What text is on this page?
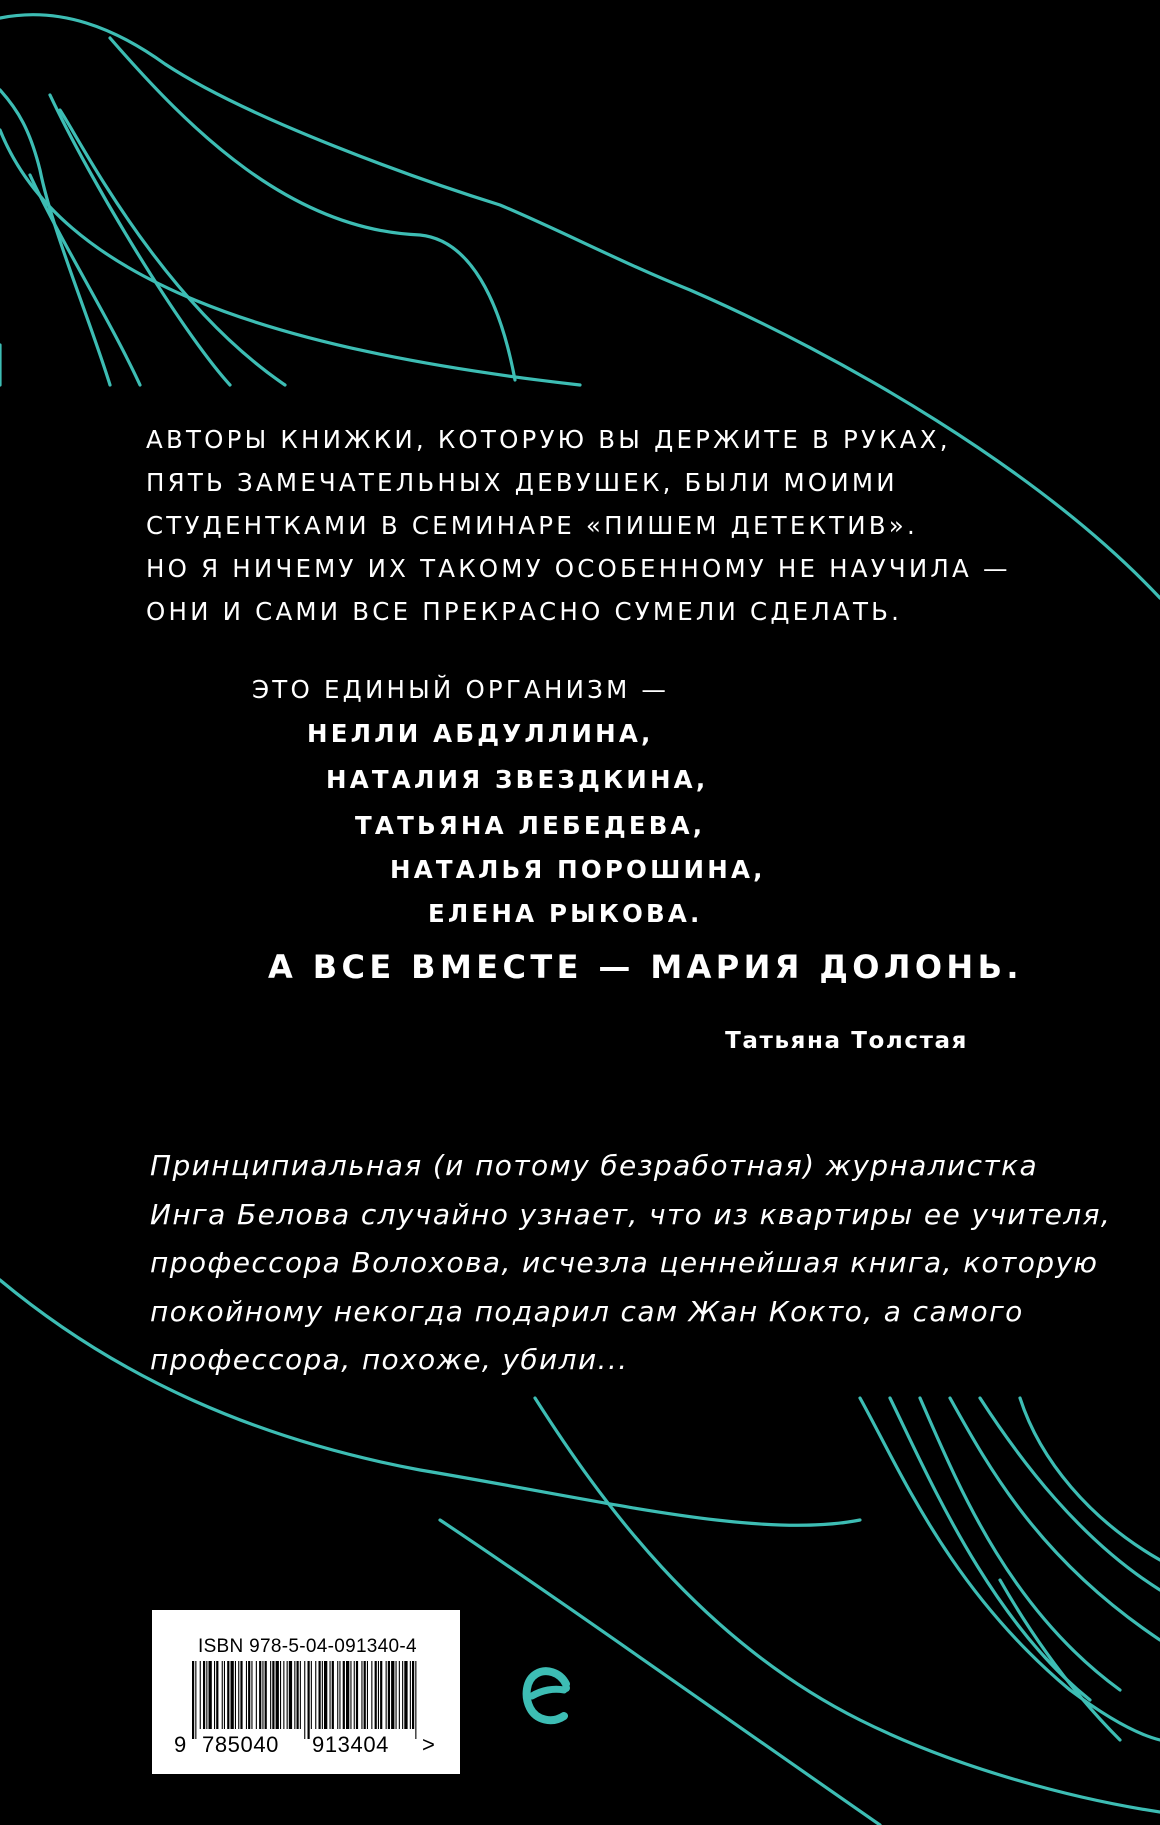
АВТОРЫ КНИЖКИ, КОТОРУЮ ВЫ ДЕРЖИТЕ В РУКАХ,
ПЯТЬ ЗАМЕЧАТЕЛЬНЫХ ДЕВУШЕК, БЫЛИ МОИМИ
СТУДЕНТКАМИ В СЕМИНАРЕ «ПИШЕМ ДЕТЕКТИВ».
НО Я НИЧЕМУ ИХ ТАКОМУ ОСОБЕННОМУ НЕ НАУЧИЛА —
ОНИ И САМИ ВСЕ ПРЕКРАСНО СУМЕЛИ СДЕЛАТЬ.
ЭТО ЕДИНЫЙ ОРГАНИЗМ —
НЕЛЛИ АБДУЛЛИНА,
НАТАЛИЯ ЗВЕЗДКИНА,
ТАТЬЯНА ЛЕБЕДЕВА,
НАТАЛЬЯ ПОРОШИНА,
ЕЛЕНА РЫКОВА.
А ВСЕ ВМЕСТЕ — МАРИЯ ДОЛОНЬ.
Татьяна Толстая
Принципиальная (и потому безработная) журналистка
Инга Белова случайно узнает, что из квартиры ее учителя,
профессора Волохова, исчезла ценнейшая книга, которую
покойному некогда подарил сам Жан Кокто, а самого
профессора, похоже, убили...
ISBN 978-5-04-091340-4
9 785040 913404 >
